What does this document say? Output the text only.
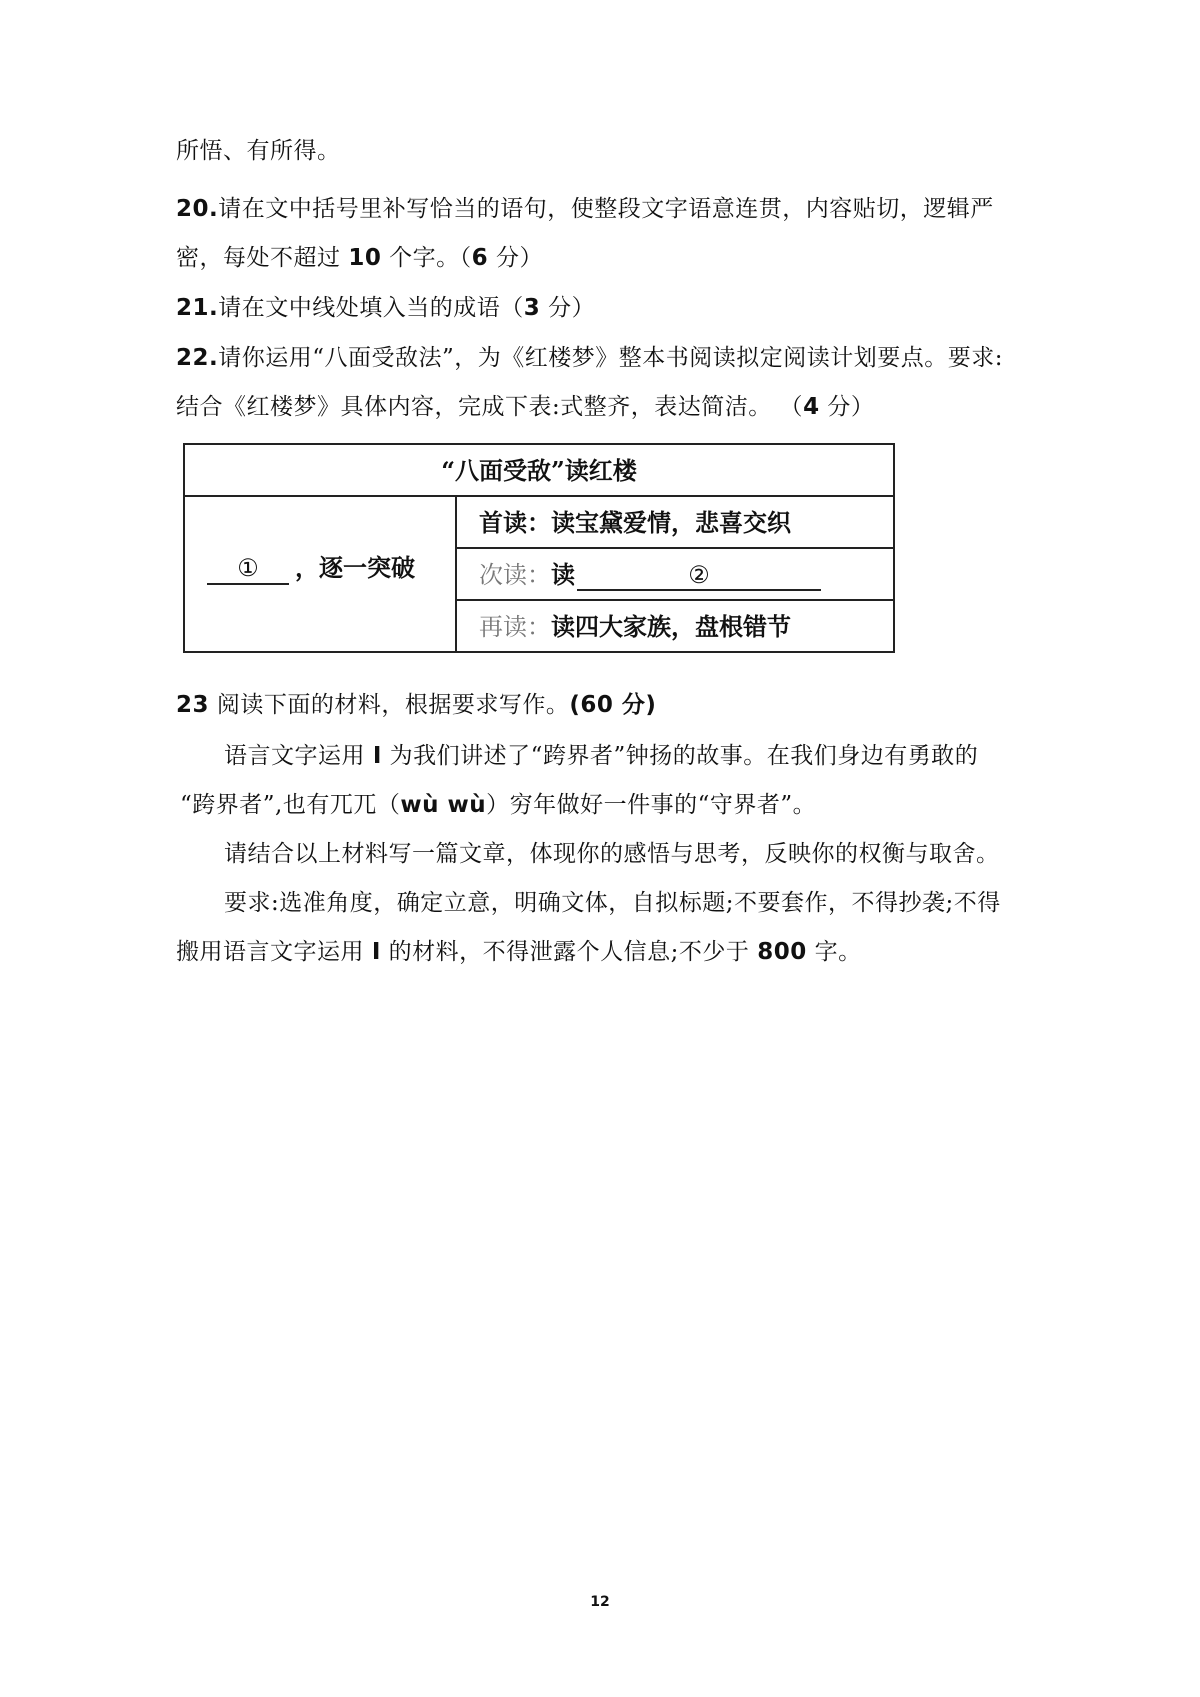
所悟、有所得。
20.请在文中括号里补写恰当的语句，使整段文字语意连贯，内容贴切，逻辑严
密，每处不超过 10 个字。（6 分）
21.请在文中线处填入当的成语（3 分）
22.请你运用“八面受敌法”，为《红楼梦》整本书阅读拟定阅读计划要点。要求:
结合《红楼梦》具体内容，完成下表:式整齐，表达简洁。 （4 分）
“八面受敌”读红楼
①	，逐一突破
首读：读宝黛爱情，悲喜交织
次读：读	②
再读：读四大家族，盘根错节
23 阅读下面的材料，根据要求写作。(60 分)
语言文字运用 I 为我们讲述了“跨界者”钟扬的故事。在我们身边有勇敢的
“跨界者”,也有兀兀（wù wù）穷年做好一件事的“守界者”。
请结合以上材料写一篇文章，体现你的感悟与思考，反映你的权衡与取舍。
要求:选准角度，确定立意，明确文体，自拟标题;不要套作，不得抄袭;不得
搬用语言文字运用 I 的材料，不得泄露个人信息;不少于 800 字。
12
